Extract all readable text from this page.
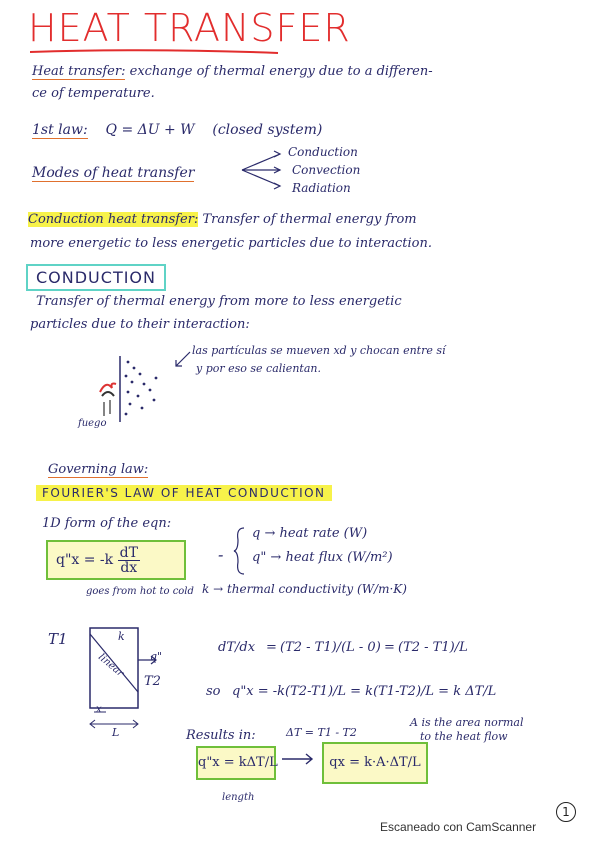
HEAT TRANSFER
Heat transfer: exchange of thermal energy due to a differen-
ce of temperature.
1st law: Q = ΔU + W (closed system)
Modes of heat transfer
Conduction
Convection
Radiation
Conduction heat transfer: Transfer of thermal energy from
more energetic to less energetic particles due to interaction.
CONDUCTION
Transfer of thermal energy from more to less energetic
particles due to their interaction:
fuego
las partículas se mueven xd y chocan entre sí
y por eso se calientan.
Governing law:
FOURIER'S LAW OF HEAT CONDUCTION
1D form of the eqn:
q"x = $-k \frac{dT}{dx}$	-
q → heat rate (W)
q" → heat flux (W/m²)
goes from hot to cold k → thermal conductivity (W/m·K)
T1
T2
k
linear q"
x
L
dT/dx = (T2 - T1)/(L - 0) = (T2 - T1)/L
so q"x = -k(T2-T1)/L = k(T1-T2)/L = k ΔT/L
Results in:	ΔT = T1 - T2
q"x = kΔT/L
length
qx = k·A·ΔT/L
A is the area normal
to the heat flow
Escaneado con CamScanner
1
